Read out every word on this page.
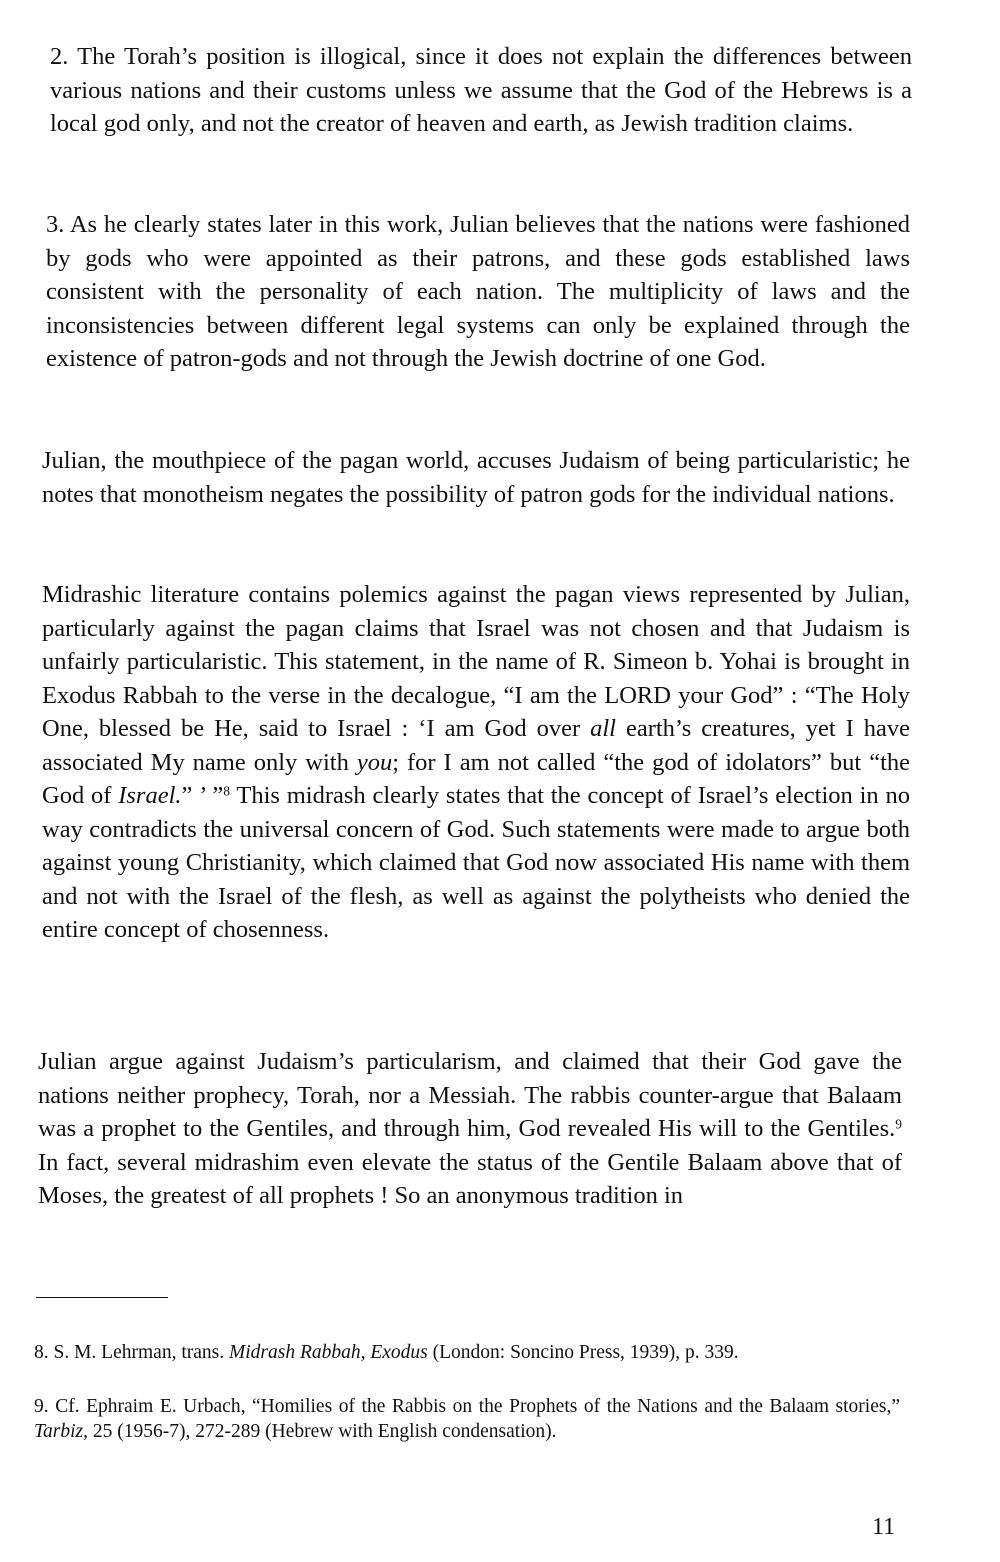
2. The Torah’s position is illogical, since it does not explain the differences between various nations and their customs unless we assume that the God of the Hebrews is a local god only, and not the creator of heaven and earth, as Jewish tradition claims.

3. As he clearly states later in this work, Julian believes that the nations were fashioned by gods who were appointed as their patrons, and these gods established laws consistent with the personality of each nation. The multiplicity of laws and the inconsistencies between different legal systems can only be explained through the existence of patron-gods and not through the Jewish doctrine of one God.

Julian, the mouthpiece of the pagan world, accuses Judaism of being particularistic; he notes that monotheism negates the possibility of patron gods for the individual nations.

Midrashic literature contains polemics against the pagan views represented by Julian, particularly against the pagan claims that Israel was not chosen and that Judaism is unfairly particularistic. This statement, in the name of R. Simeon b. Yohai is brought in Exodus Rabbah to the verse in the decalogue, “I am the LORD your God” : “The Holy One, blessed be He, said to Israel : ‘I am God over all earth’s creatures, yet I have associated My name only with you; for I am not called “the god of idolators” but “the God of Israel.” ’ ”$^8$ This midrash clearly states that the concept of Israel’s election in no way contradicts the universal concern of God. Such statements were made to argue both against young Christianity, which claimed that God now associated His name with them and not with the Israel of the flesh, as well as against the polytheists who denied the entire concept of chosenness.

Julian argue against Judaism’s particularism, and claimed that their God gave the nations neither prophecy, Torah, nor a Messiah. The rabbis counter-argue that Balaam was a prophet to the Gentiles, and through him, God revealed His will to the Gentiles.$^9$ In fact, several midrashim even elevate the status of the Gentile Balaam above that of Moses, the greatest of all prophets ! So an anonymous tradition in

8. S. M. Lehrman, trans. Midrash Rabbah, Exodus (London: Soncino Press, 1939), p. 339.

9. Cf. Ephraim E. Urbach, “Homilies of the Rabbis on the Prophets of the Nations and the Balaam stories,” Tarbiz, 25 (1956-7), 272-289 (Hebrew with English condensation).

11
